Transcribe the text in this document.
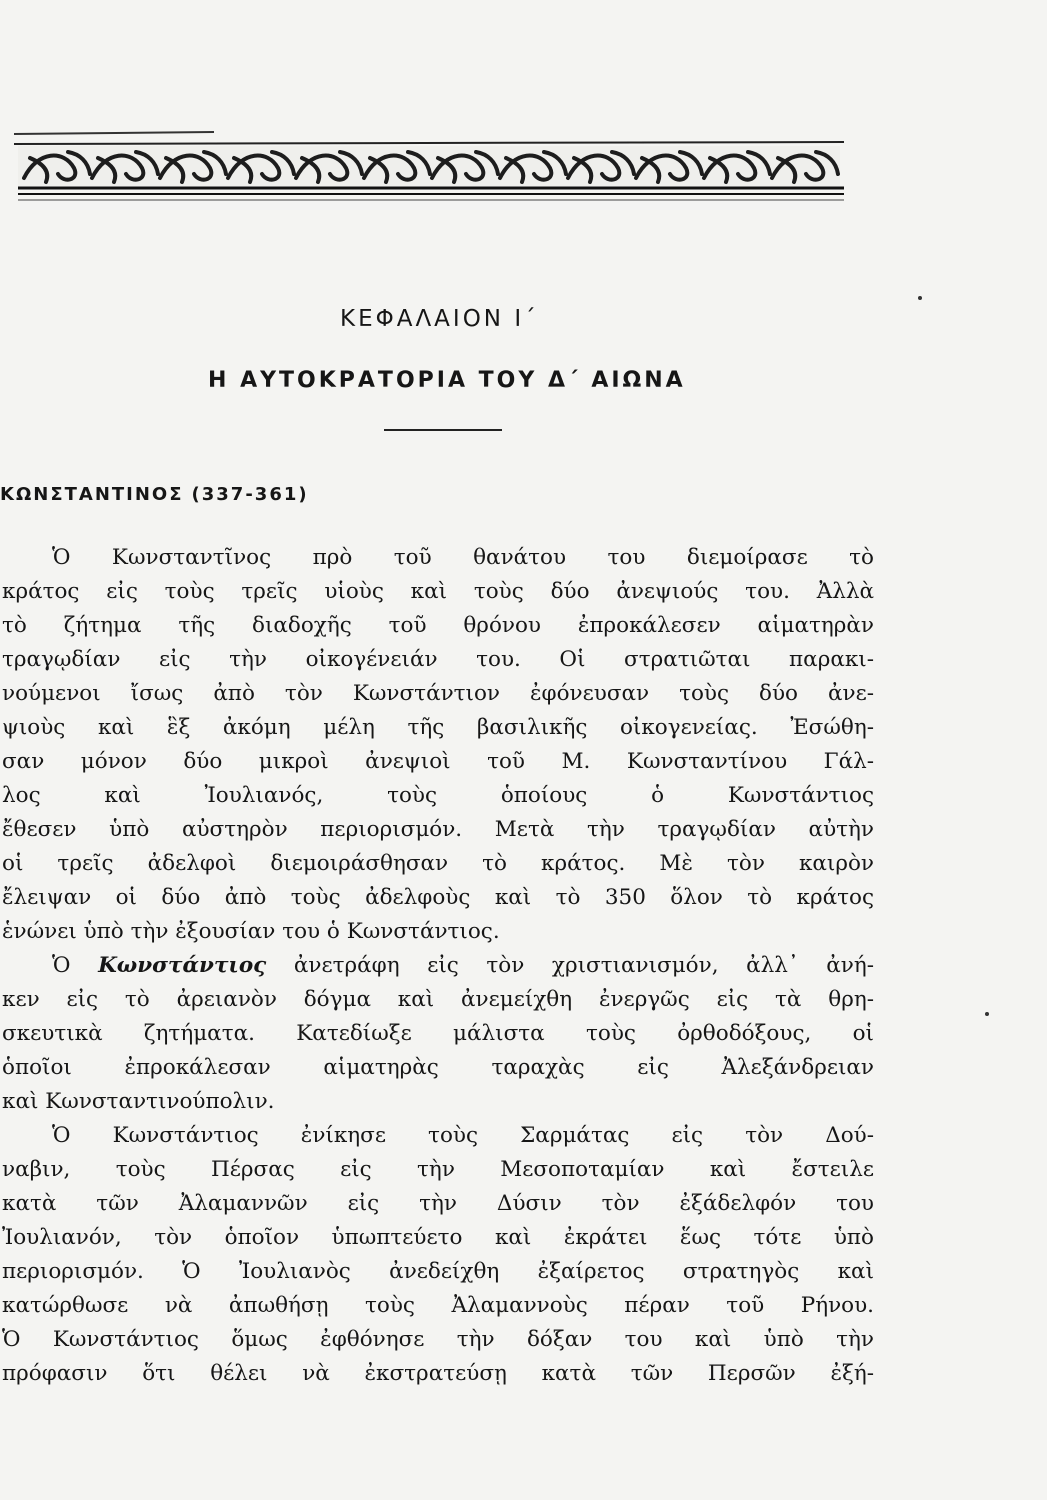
ΚΕΦΑΛΑΙΟΝ Ι΄
Η ΑΥΤΟΚΡΑΤΟΡΙΑ ΤΟΥ Δ΄ ΑΙΩΝΑ
ΚΩΝΣΤΑΝΤΙΝΟΣ (337-361)
Ὁ Κωνσταντῖνος πρὸ τοῦ θανάτου του διεμοίρασε τὸ
κράτος εἰς τοὺς τρεῖς υἱοὺς καὶ τοὺς δύο ἀνεψιούς του. Ἀλλὰ
τὸ ζήτημα τῆς διαδοχῆς τοῦ θρόνου ἐπροκάλεσεν αἱματηρὰν
τραγῳδίαν εἰς τὴν οἰκογένειάν του. Οἱ στρατιῶται παρακι-
νούμενοι ἴσως ἀπὸ τὸν Κωνστάντιον ἐφόνευσαν τοὺς δύο ἀνε-
ψιοὺς καὶ ἓξ ἀκόμη μέλη τῆς βασιλικῆς οἰκογενείας. Ἐσώθη-
σαν μόνον δύο μικροὶ ἀνεψιοὶ τοῦ Μ. Κωνσταντίνου Γάλ-
λος καὶ Ἰουλιανός, τοὺς ὁποίους ὁ Κωνστάντιος
ἔθεσεν ὑπὸ αὐστηρὸν περιορισμόν. Μετὰ τὴν τραγῳδίαν αὐτὴν
οἱ τρεῖς ἀδελφοὶ διεμοιράσθησαν τὸ κράτος. Μὲ τὸν καιρὸν
ἔλειψαν οἱ δύο ἀπὸ τοὺς ἀδελφοὺς καὶ τὸ 350 ὅλον τὸ κράτος
ἑνώνει ὑπὸ τὴν ἐξουσίαν του ὁ Κωνστάντιος.
Ὁ Κωνστάντιος ἀνετράφη εἰς τὸν χριστιανισμόν, ἀλλ᾽ ἀνή-
κεν εἰς τὸ ἀρειανὸν δόγμα καὶ ἀνεμείχθη ἐνεργῶς εἰς τὰ θρη-
σκευτικὰ ζητήματα. Κατεδίωξε μάλιστα τοὺς ὀρθοδόξους, οἱ
ὁποῖοι ἐπροκάλεσαν αἱματηρὰς ταραχὰς εἰς Ἀλεξάνδρειαν
καὶ Κωνσταντινούπολιν.
Ὁ Κωνστάντιος ἐνίκησε τοὺς Σαρμάτας εἰς τὸν Δού-
ναβιν, τοὺς Πέρσας εἰς τὴν Μεσοποταμίαν καὶ ἔστειλε
κατὰ τῶν Ἀλαμαννῶν εἰς τὴν Δύσιν τὸν ἐξάδελφόν του
Ἰουλιανόν, τὸν ὁποῖον ὑπωπτεύετο καὶ ἐκράτει ἕως τότε ὑπὸ
περιορισμόν. Ὁ Ἰουλιανὸς ἀνεδείχθη ἐξαίρετος στρατηγὸς καὶ
κατώρθωσε νὰ ἀπωθήσῃ τοὺς Ἀλαμαννοὺς πέραν τοῦ Ρήνου.
Ὁ Κωνστάντιος ὅμως ἐφθόνησε τὴν δόξαν του καὶ ὑπὸ τὴν
πρόφασιν ὅτι θέλει νὰ ἐκστρατεύσῃ κατὰ τῶν Περσῶν ἐξή-
